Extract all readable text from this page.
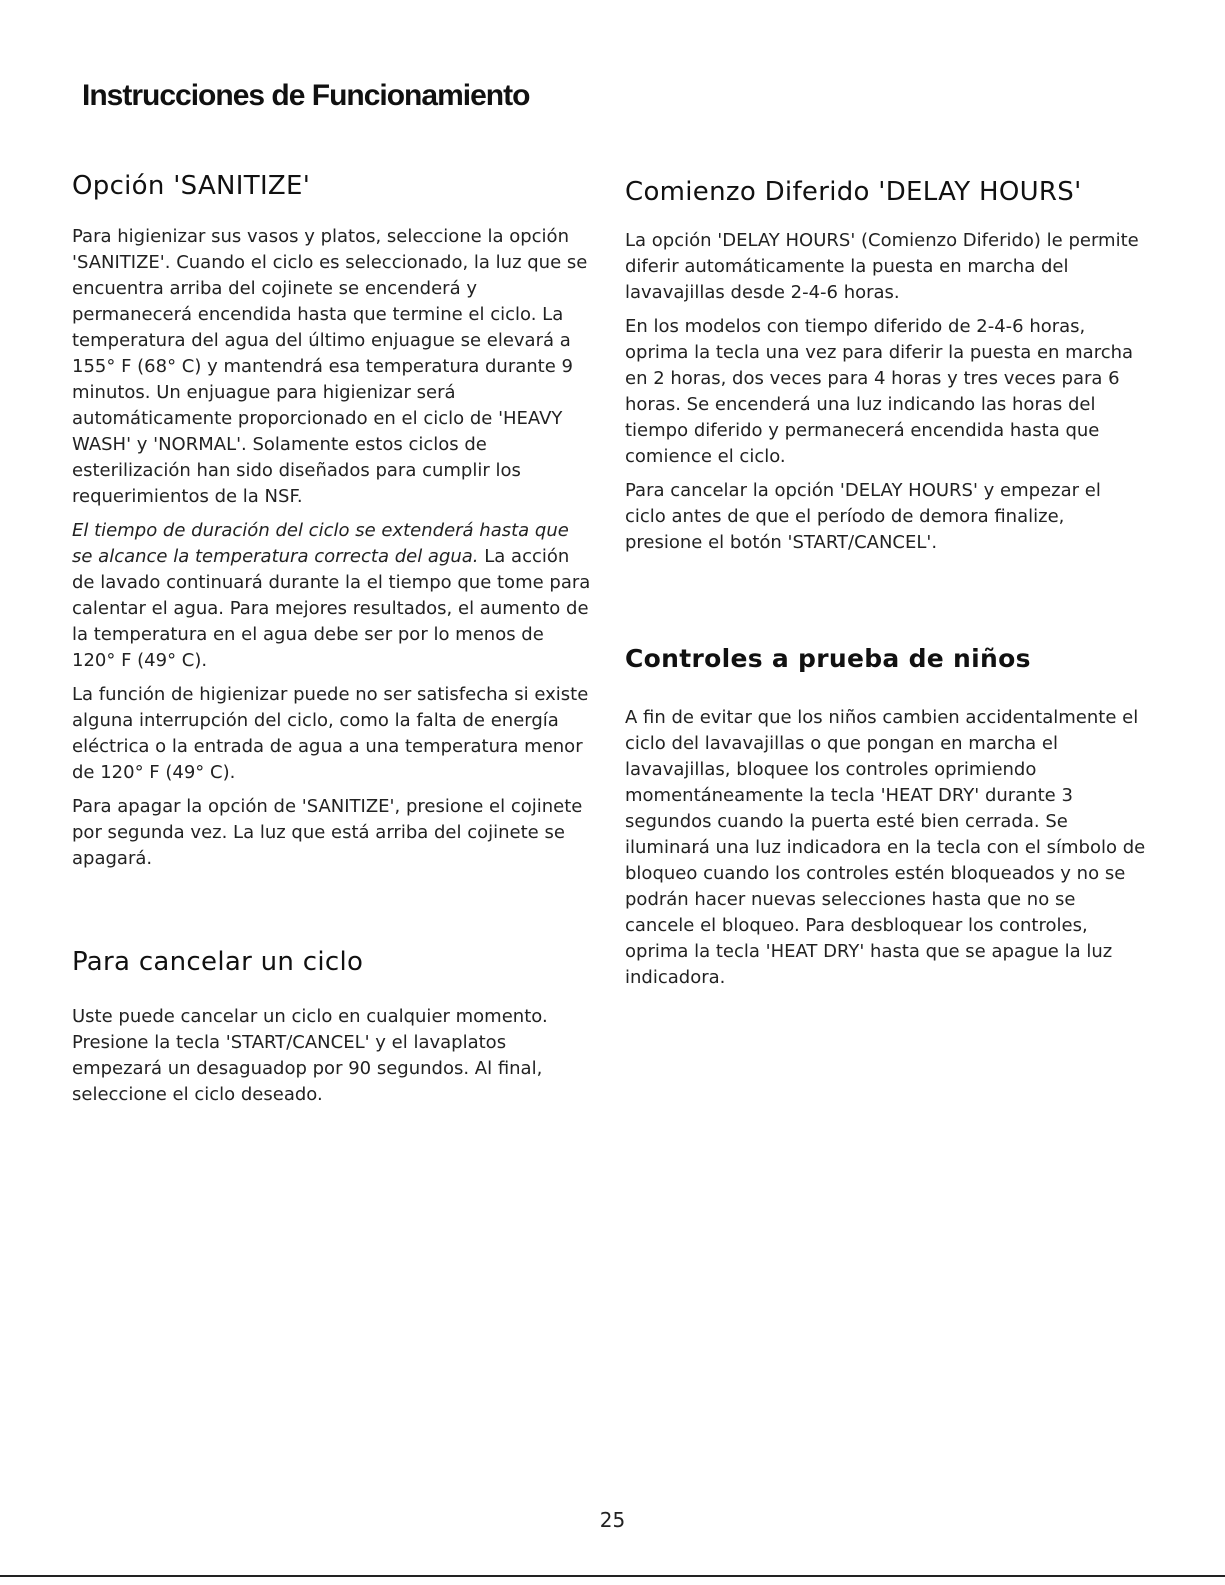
Instrucciones de Funcionamiento
Opción 'SANITIZE'

Para higienizar sus vasos y platos, seleccione la opción 'SANITIZE'. Cuando el ciclo es seleccionado, la luz que se encuentra arriba del cojinete se encenderá y permanecerá encendida hasta que termine el ciclo. La temperatura del agua del último enjuague se elevará a 155° F (68° C) y mantendrá esa temperatura durante 9 minutos. Un enjuague para higienizar será automáticamente proporcionado en el ciclo de 'HEAVY WASH' y 'NORMAL'. Solamente estos ciclos de esterilización han sido diseñados para cumplir los requerimientos de la NSF.

El tiempo de duración del ciclo se extenderá hasta que se alcance la temperatura correcta del agua. La acción de lavado continuará durante la el tiempo que tome para calentar el agua. Para mejores resultados, el aumento de la temperatura en el agua debe ser por lo menos de 120° F (49° C).

La función de higienizar puede no ser satisfecha si existe alguna interrupción del ciclo, como la falta de energía eléctrica o la entrada de agua a una temperatura menor de 120° F (49° C).

Para apagar la opción de 'SANITIZE', presione el cojinete por segunda vez. La luz que está arriba del cojinete se apagará.

Para cancelar un ciclo

Uste puede cancelar un ciclo en cualquier momento. Presione la tecla 'START/CANCEL' y el lavaplatos empezará un desaguadop por 90 segundos. Al final, seleccione el ciclo deseado.

Comienzo Diferido 'DELAY HOURS'

La opción 'DELAY HOURS' (Comienzo Diferido) le permite diferir automáticamente la puesta en marcha del lavavajillas desde 2-4-6 horas.

En los modelos con tiempo diferido de 2-4-6 horas, oprima la tecla una vez para diferir la puesta en marcha en 2 horas, dos veces para 4 horas y tres veces para 6 horas. Se encenderá una luz indicando las horas del tiempo diferido y permanecerá encendida hasta que comience el ciclo.

Para cancelar la opción 'DELAY HOURS' y empezar el ciclo antes de que el período de demora finalize, presione el botón 'START/CANCEL'.

Controles a prueba de niños

A fin de evitar que los niños cambien accidentalmente el ciclo del lavavajillas o que pongan en marcha el lavavajillas, bloquee los controles oprimiendo momentáneamente la tecla 'HEAT DRY' durante 3 segundos cuando la puerta esté bien cerrada. Se iluminará una luz indicadora en la tecla con el símbolo de bloqueo cuando los controles estén bloqueados y no se podrán hacer nuevas selecciones hasta que no se cancele el bloqueo. Para desbloquear los controles, oprima la tecla 'HEAT DRY' hasta que se apague la luz indicadora.

25
